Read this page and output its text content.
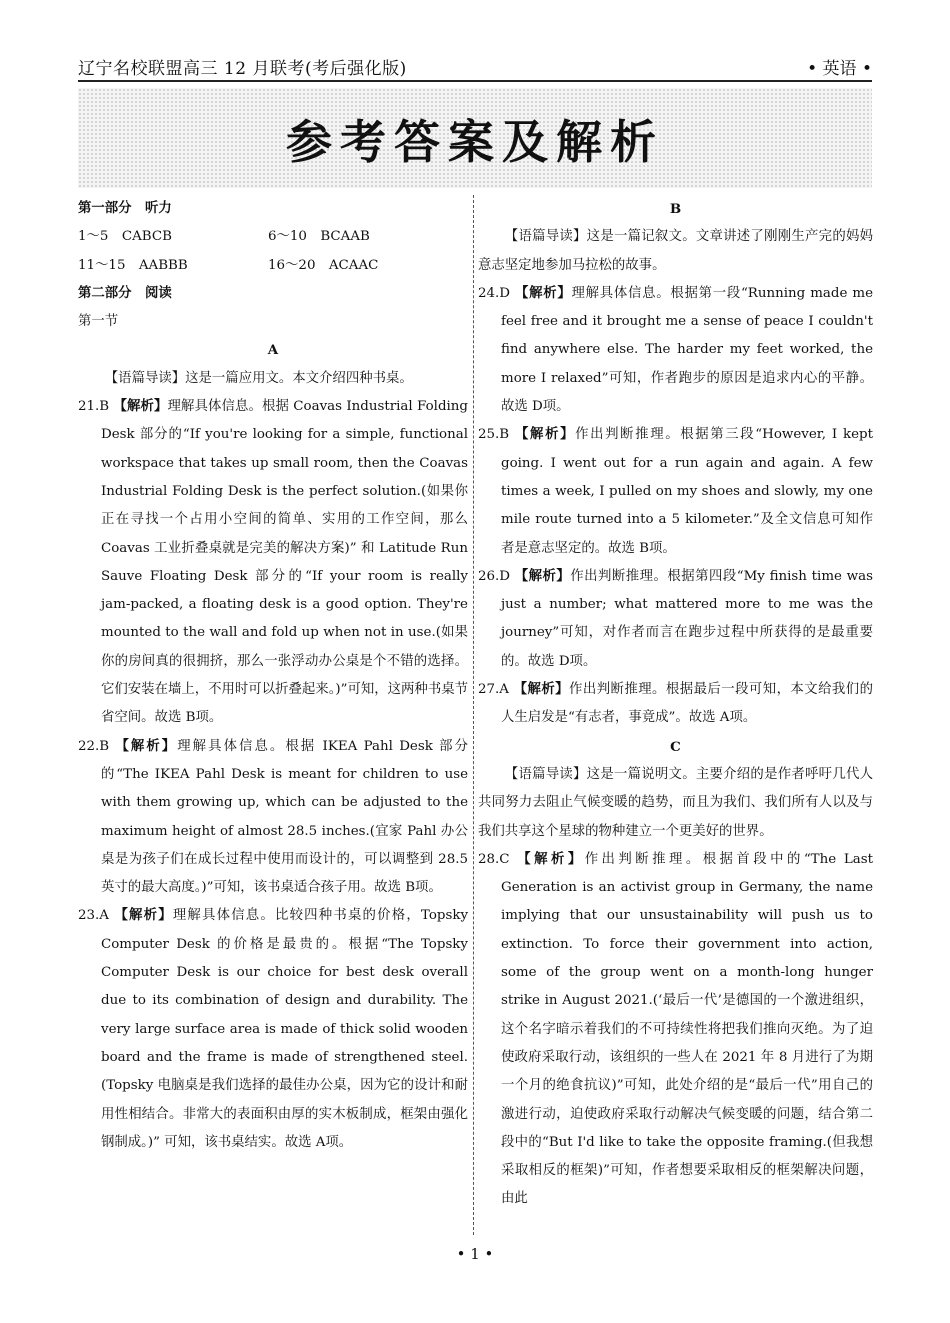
辽宁名校联盟高三 12 月联考(考后强化版)	• 英语 •
参考答案及解析

第一部分　听力

1～5　CABCB	6～10　BCAAB
11～15　AABBB	16～20　ACAAC

第二部分　阅读

第一节

A

【语篇导读】这是一篇应用文。本文介绍四种书桌。

21.B 【解析】理解具体信息。根据 Coavas Industrial Folding Desk 部分的“If you're looking for a simple, functional workspace that takes up small room, then the Coavas Industrial Folding Desk is the perfect solution.(如果你正在寻找一个占用小空间的简单、实用的工作空间，那么 Coavas 工业折叠桌就是完美的解决方案)” 和 Latitude Run Sauve Floating Desk 部分的“If your room is really jam-packed, a floating desk is a good option. They're mounted to the wall and fold up when not in use.(如果你的房间真的很拥挤，那么一张浮动办公桌是个不错的选择。它们安装在墙上，不用时可以折叠起来。)”可知，这两种书桌节省空间。故选 B项。

22.B 【解析】理解具体信息。根据 IKEA Pahl Desk 部分的“The IKEA Pahl Desk is meant for children to use with them growing up, which can be adjusted to the maximum height of almost 28.5 inches.(宜家 Pahl 办公桌是为孩子们在成长过程中使用而设计的，可以调整到 28.5 英寸的最大高度。)”可知，该书桌适合孩子用。故选 B项。

23.A 【解析】理解具体信息。比较四种书桌的价格，Topsky Computer Desk 的价格是最贵的。根据“The Topsky Computer Desk is our choice for best desk overall due to its combination of design and durability. The very large surface area is made of thick solid wooden board and the frame is made of strengthened steel.(Topsky 电脑桌是我们选择的最佳办公桌，因为它的设计和耐用性相结合。非常大的表面积由厚的实木板制成，框架由强化钢制成。)” 可知，该书桌结实。故选 A项。

B

【语篇导读】这是一篇记叙文。文章讲述了刚刚生产完的妈妈意志坚定地参加马拉松的故事。

24.D 【解析】理解具体信息。根据第一段“Running made me feel free and it brought me a sense of peace I couldn't find anywhere else. The harder my feet worked, the more I relaxed”可知，作者跑步的原因是追求内心的平静。故选 D项。

25.B 【解析】作出判断推理。根据第三段“However, I kept going. I went out for a run again and again. A few times a week, I pulled on my shoes and slowly, my one mile route turned into a 5 kilometer.”及全文信息可知作者是意志坚定的。故选 B项。

26.D 【解析】作出判断推理。根据第四段“My finish time was just a number; what mattered more to me was the journey”可知，对作者而言在跑步过程中所获得的是最重要的。故选 D项。

27.A 【解析】作出判断推理。根据最后一段可知，本文给我们的人生启发是“有志者，事竟成”。故选 A项。

C

【语篇导读】这是一篇说明文。主要介绍的是作者呼吁几代人共同努力去阻止气候变暖的趋势，而且为我们、我们所有人以及与我们共享这个星球的物种建立一个更美好的世界。

28.C 【解析】作出判断推理。根据首段中的“The Last Generation is an activist group in Germany, the name implying that our unsustainability will push us to extinction. To force their government into action, some of the group went on a month-long hunger strike in August 2021.(‘最后一代’是德国的一个激进组织，这个名字暗示着我们的不可持续性将把我们推向灭绝。为了迫使政府采取行动，该组织的一些人在 2021 年 8 月进行了为期一个月的绝食抗议)”可知，此处介绍的是“最后一代”用自己的激进行动，迫使政府采取行动解决气候变暖的问题，结合第二段中的“But I'd like to take the opposite framing.(但我想采取相反的框架)”可知，作者想要采取相反的框架解决问题，由此

• 1 •
